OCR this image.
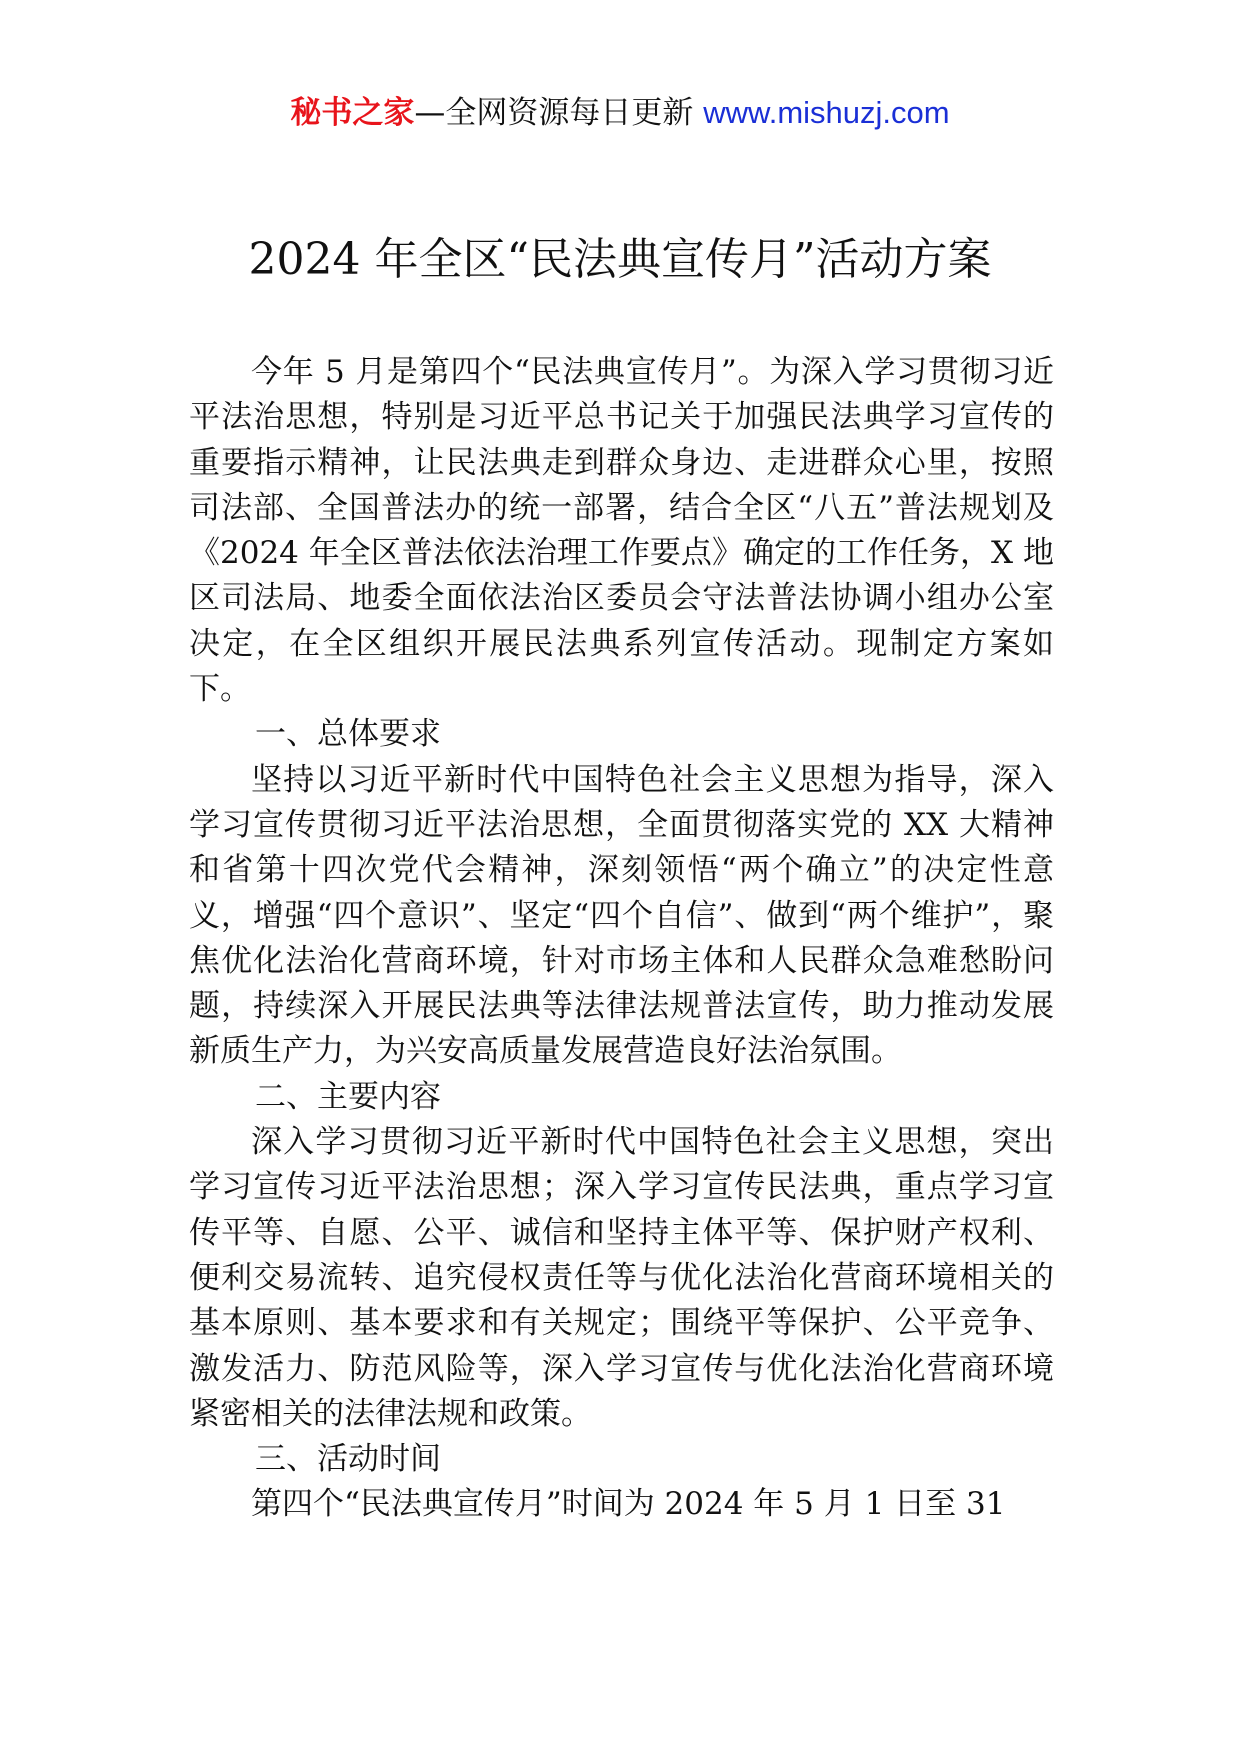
秘书之家—全网资源每日更新 www.mishuzj.com
2024 年全区“民法典宣传月”活动方案

今年 5 月是第四个“民法典宣传月”。为深入学习贯彻习近平法治思想，特别是习近平总书记关于加强民法典学习宣传的重要指示精神，让民法典走到群众身边、走进群众心里，按照司法部、全国普法办的统一部署，结合全区“八五”普法规划及《2024 年全区普法依法治理工作要点》确定的工作任务，X 地区司法局、地委全面依法治区委员会守法普法协调小组办公室决定，在全区组织开展民法典系列宣传活动。现制定方案如下。

一、总体要求

坚持以习近平新时代中国特色社会主义思想为指导，深入学习宣传贯彻习近平法治思想，全面贯彻落实党的 XX 大精神和省第十四次党代会精神，深刻领悟“两个确立”的决定性意义，增强“四个意识”、坚定“四个自信”、做到“两个维护”，聚焦优化法治化营商环境，针对市场主体和人民群众急难愁盼问题，持续深入开展民法典等法律法规普法宣传，助力推动发展新质生产力，为兴安高质量发展营造良好法治氛围。

二、主要内容

深入学习贯彻习近平新时代中国特色社会主义思想，突出学习宣传习近平法治思想；深入学习宣传民法典，重点学习宣传平等、自愿、公平、诚信和坚持主体平等、保护财产权利、便利交易流转、追究侵权责任等与优化法治化营商环境相关的基本原则、基本要求和有关规定；围绕平等保护、公平竞争、激发活力、防范风险等，深入学习宣传与优化法治化营商环境紧密相关的法律法规和政策。

三、活动时间

第四个“民法典宣传月”时间为 2024 年 5 月 1 日至 31
